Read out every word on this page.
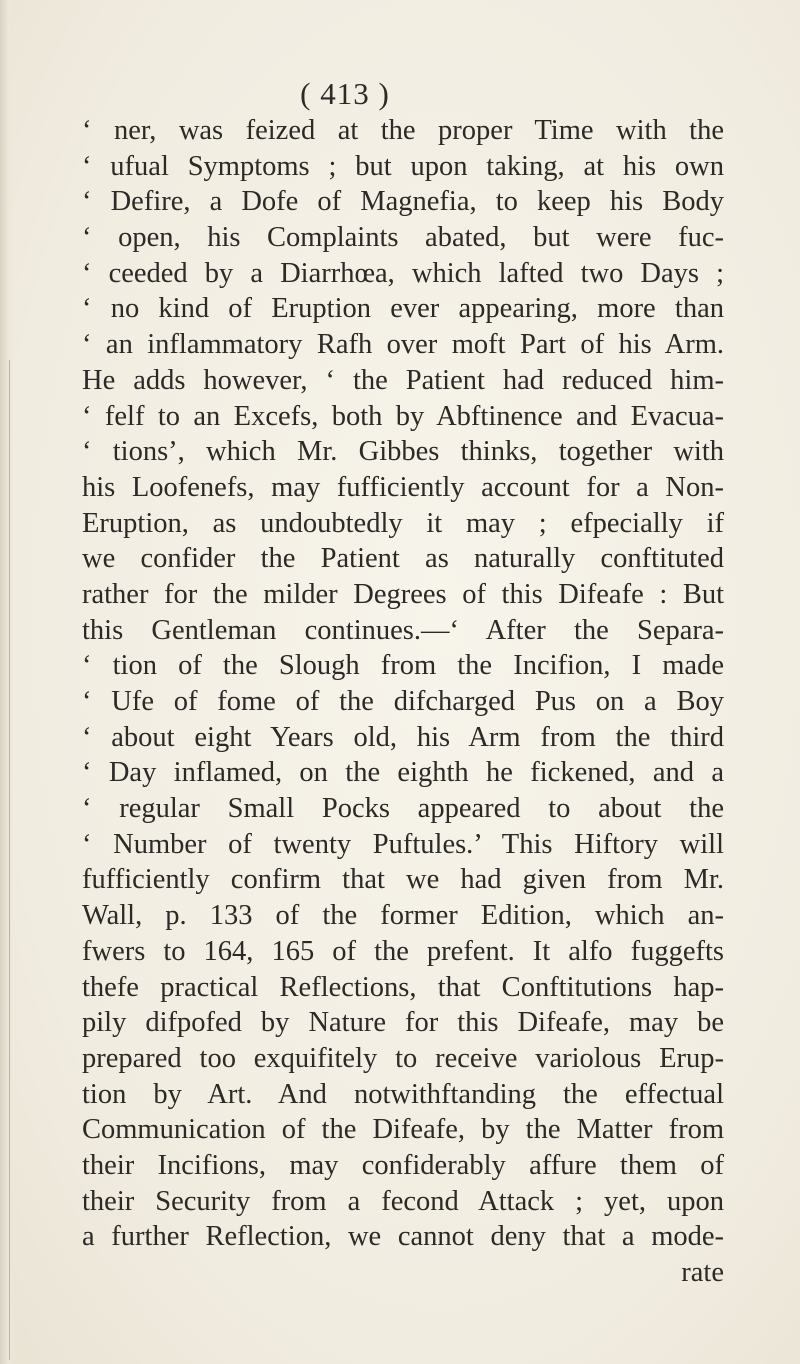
( 413 )
‘ ner, was feized at the proper Time with the
‘ ufual Symptoms ; but upon taking, at his own
‘ Defire, a Dofe of Magnefia, to keep his Body
‘ open, his Complaints abated, but were fuc-
‘ ceeded by a Diarrhœa, which lafted two Days ;
‘ no kind of Eruption ever appearing, more than
‘ an inflammatory Rafh over moft Part of his Arm.
He adds however, ‘ the Patient had reduced him-
‘ felf to an Excefs, both by Abftinence and Evacua-
‘ tions’, which Mr. Gibbes thinks, together with
his Loofenefs, may fufficiently account for a Non-
Eruption, as undoubtedly it may ; efpecially if
we confider the Patient as naturally conftituted
rather for the milder Degrees of this Difeafe : But
this Gentleman continues.—‘ After the Separa-
‘ tion of the Slough from the Incifion, I made
‘ Ufe of fome of the difcharged Pus on a Boy
‘ about eight Years old, his Arm from the third
‘ Day inflamed, on the eighth he fickened, and a
‘ regular Small Pocks appeared to about the
‘ Number of twenty Puftules.’ This Hiftory will
fufficiently confirm that we had given from Mr.
Wall, p. 133 of the former Edition, which an-
fwers to 164, 165 of the prefent. It alfo fuggefts
thefe practical Reflections, that Conftitutions hap-
pily difpofed by Nature for this Difeafe, may be
prepared too exquifitely to receive variolous Erup-
tion by Art. And notwithftanding the effectual
Communication of the Difeafe, by the Matter from
their Incifions, may confiderably affure them of
their Security from a fecond Attack ; yet, upon
a further Reflection, we cannot deny that a mode-
rate
